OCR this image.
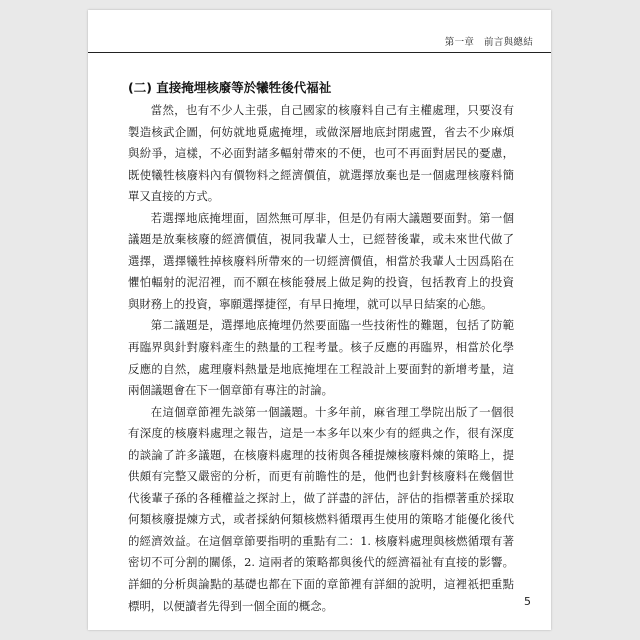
第一章　前言與總結
(二) 直接掩埋核廢等於犧牲後代福祉

當然，也有不少人主張，自己國家的核廢料自己有主權處理，只要沒有製造核武企圖，何妨就地覓處掩埋，或做深層地底封閉處置，省去不少麻煩與紛爭，這樣，不必面對諸多輻射帶來的不便，也可不再面對居民的憂慮，既使犧牲核廢料內有價物料之經濟價值，就選擇放棄也是一個處理核廢料簡單又直接的方式。

若選擇地底掩埋面，固然無可厚非，但是仍有兩大議題要面對。第一個議題是放棄核廢的經濟價值，視同我輩人士，已經替後輩，或未來世代做了選擇，選擇犧牲掉核廢料所帶來的一切經濟價值，相當於我輩人士因爲陷在懼怕輻射的泥沼裡，而不願在核能發展上做足夠的投資，包括教育上的投資與財務上的投資，寧願選擇捷徑，有早日掩埋，就可以早日結案的心態。

第二議題是，選擇地底掩埋仍然要面臨一些技術性的難題，包括了防範再臨界與針對廢料產生的熱量的工程考量。核子反應的再臨界，相當於化學反應的自然，處理廢料熱量是地底掩埋在工程設計上要面對的新增考量，這兩個議題會在下一個章節有專注的討論。

在這個章節裡先談第一個議題。十多年前，麻省理工學院出版了一個很有深度的核廢料處理之報告，這是一本多年以來少有的經典之作，很有深度的談論了許多議題，在核廢料處理的技術與各種提煉核廢料煉的策略上，提供頗有完整又嚴密的分析，而更有前瞻性的是，他們也針對核廢料在幾個世代後輩子孫的各種權益之探討上，做了詳盡的評估，評估的指標著重於採取何類核廢提煉方式，或者採納何類核燃料循環再生使用的策略才能優化後代的經濟效益。在這個章節要指明的重點有二：1. 核廢料處理與核燃循環有著密切不可分割的關係，2. 這兩者的策略都與後代的經濟福祉有直接的影響。詳細的分析與論點的基礎也都在下面的章節裡有詳細的說明，這裡祇把重點標明，以便讀者先得到一個全面的概念。	5
